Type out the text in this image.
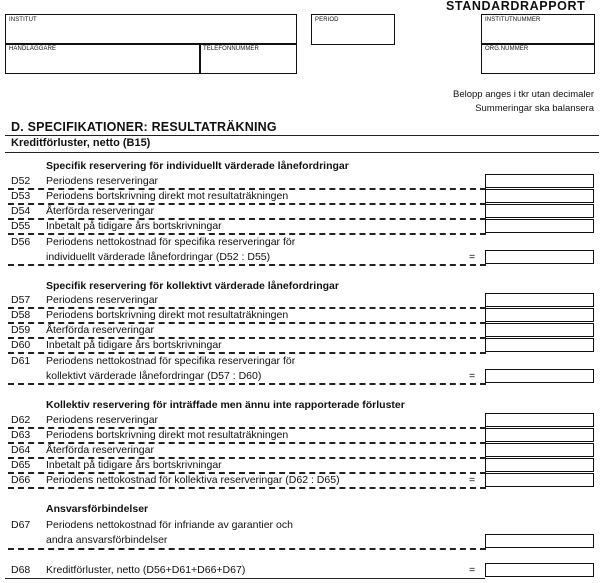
STANDARDRAPPORT
INSTITUT	PERIOD	INSTITUTNUMMER
HANDLÄGGARE	TELEFONNUMMER	ORG.NUMMER
Belopp anges i tkr utan decimaler
Summeringar ska balansera
D. SPECIFIKATIONER: RESULTATRÄKNING
Kreditförluster, netto (B15)
Specifik reservering för individuellt värderade lånefordringar
D52 Periodens reserveringar
D53 Periodens bortskrivning direkt mot resultaträkningen
D54 Återförda reserveringar
D55 Inbetalt på tidigare års bortskrivningar
D56 Periodens nettokostnad för specifika reserveringar för
individuellt värderade lånefordringar (D52 : D55)	=
Specifik reservering för kollektivt värderade lånefordringar
D57 Periodens reserveringar
D58 Periodens bortskrivning direkt mot resultaträkningen
D59 Återförda reserveringar
D60 Inbetalt på tidigare års bortskrivningar
D61 Periodens nettokostnad för specifika reserveringar för
kollektivt värderade lånefordringar (D57 : D60)	=
Kollektiv reservering för inträffade men ännu inte rapporterade förluster
D62 Periodens reserveringar
D63 Periodens bortskrivning direkt mot resultaträkningen
D64 Återförda reserveringar
D65 Inbetalt på tidigare års bortskrivningar
D66 Periodens nettokostnad för kollektiva reserveringar (D62 : D65)	=
Ansvarsförbindelser
D67 Periodens nettokostnad för infriande av garantier och
andra ansvarsförbindelser
D68 Kreditförluster, netto (D56+D61+D66+D67)	=
